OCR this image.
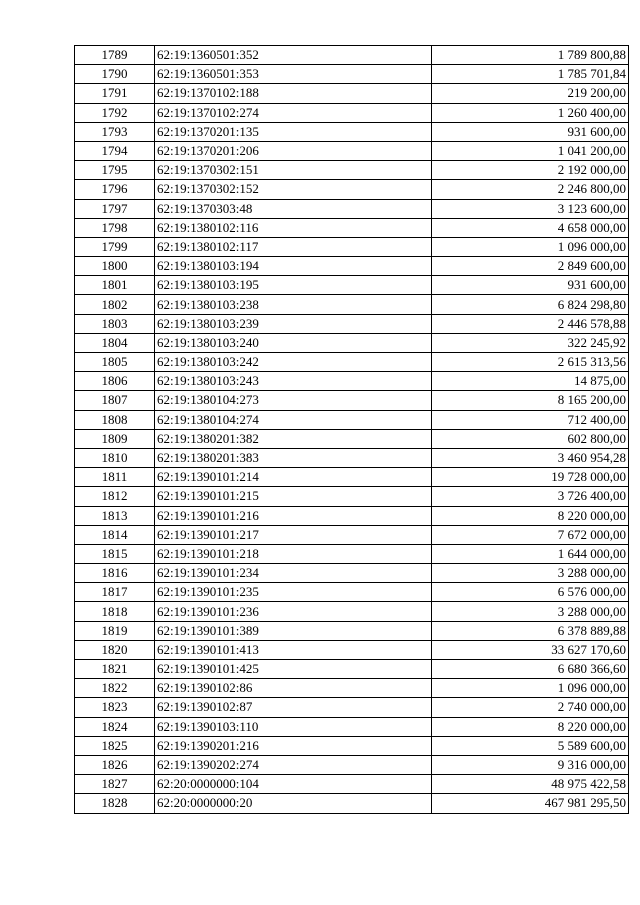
1789	62:19:1360501:352	1 789 800,88
1790	62:19:1360501:353	1 785 701,84
1791	62:19:1370102:188	219 200,00
1792	62:19:1370102:274	1 260 400,00
1793	62:19:1370201:135	931 600,00
1794	62:19:1370201:206	1 041 200,00
1795	62:19:1370302:151	2 192 000,00
1796	62:19:1370302:152	2 246 800,00
1797	62:19:1370303:48	3 123 600,00
1798	62:19:1380102:116	4 658 000,00
1799	62:19:1380102:117	1 096 000,00
1800	62:19:1380103:194	2 849 600,00
1801	62:19:1380103:195	931 600,00
1802	62:19:1380103:238	6 824 298,80
1803	62:19:1380103:239	2 446 578,88
1804	62:19:1380103:240	322 245,92
1805	62:19:1380103:242	2 615 313,56
1806	62:19:1380103:243	14 875,00
1807	62:19:1380104:273	8 165 200,00
1808	62:19:1380104:274	712 400,00
1809	62:19:1380201:382	602 800,00
1810	62:19:1380201:383	3 460 954,28
1811	62:19:1390101:214	19 728 000,00
1812	62:19:1390101:215	3 726 400,00
1813	62:19:1390101:216	8 220 000,00
1814	62:19:1390101:217	7 672 000,00
1815	62:19:1390101:218	1 644 000,00
1816	62:19:1390101:234	3 288 000,00
1817	62:19:1390101:235	6 576 000,00
1818	62:19:1390101:236	3 288 000,00
1819	62:19:1390101:389	6 378 889,88
1820	62:19:1390101:413	33 627 170,60
1821	62:19:1390101:425	6 680 366,60
1822	62:19:1390102:86	1 096 000,00
1823	62:19:1390102:87	2 740 000,00
1824	62:19:1390103:110	8 220 000,00
1825	62:19:1390201:216	5 589 600,00
1826	62:19:1390202:274	9 316 000,00
1827	62:20:0000000:104	48 975 422,58
1828	62:20:0000000:20	467 981 295,50
